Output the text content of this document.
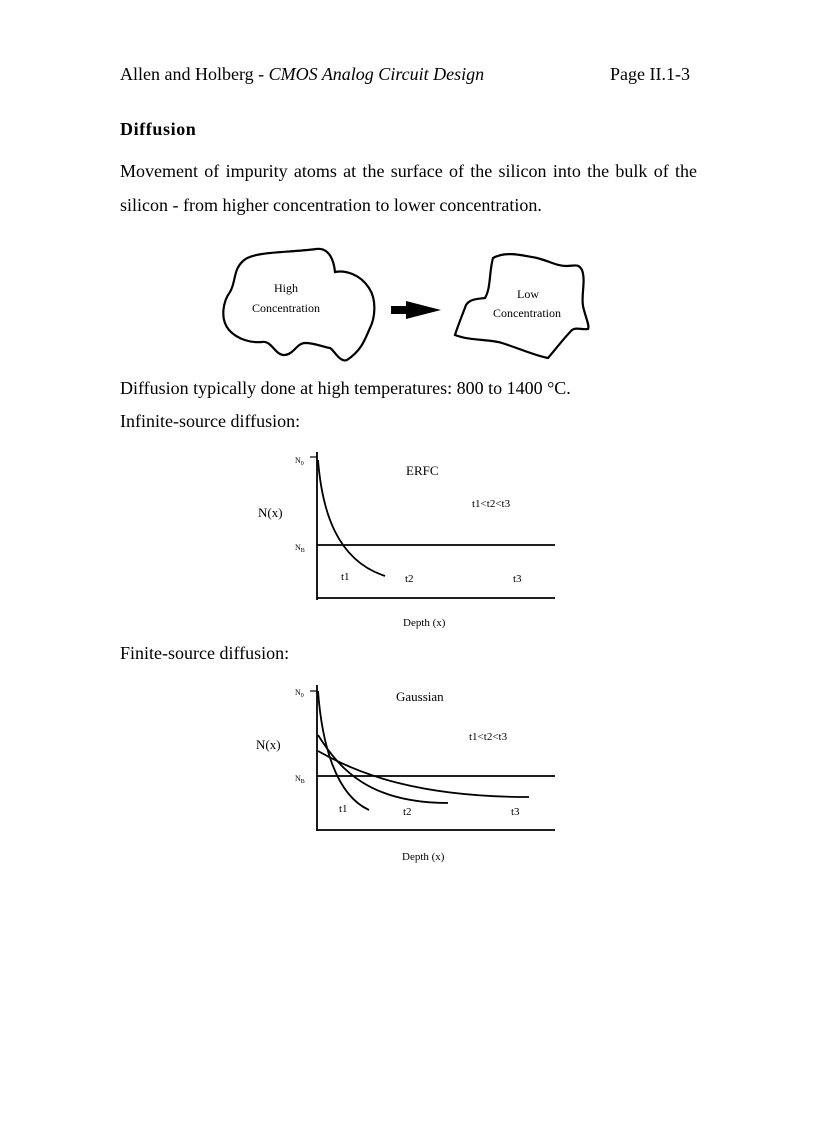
Allen and Holberg - CMOS Analog Circuit Design	Page II.1-3
Diffusion
Movement of impurity atoms at the surface of the silicon into the bulk of the silicon - from higher concentration to lower concentration.
High
Concentration
Low
Concentration
Diffusion typically done at high temperatures: 800 to 1400 °C.
Infinite-source diffusion:
$N_0$
$N_B$
N(x)
ERFC
t1<t2<t3
t1	t2	t3
Depth (x)
Finite-source diffusion:
$N_0$
$N_B$
N(x)
Gaussian
t1<t2<t3
t1	t2	t3
Depth (x)
